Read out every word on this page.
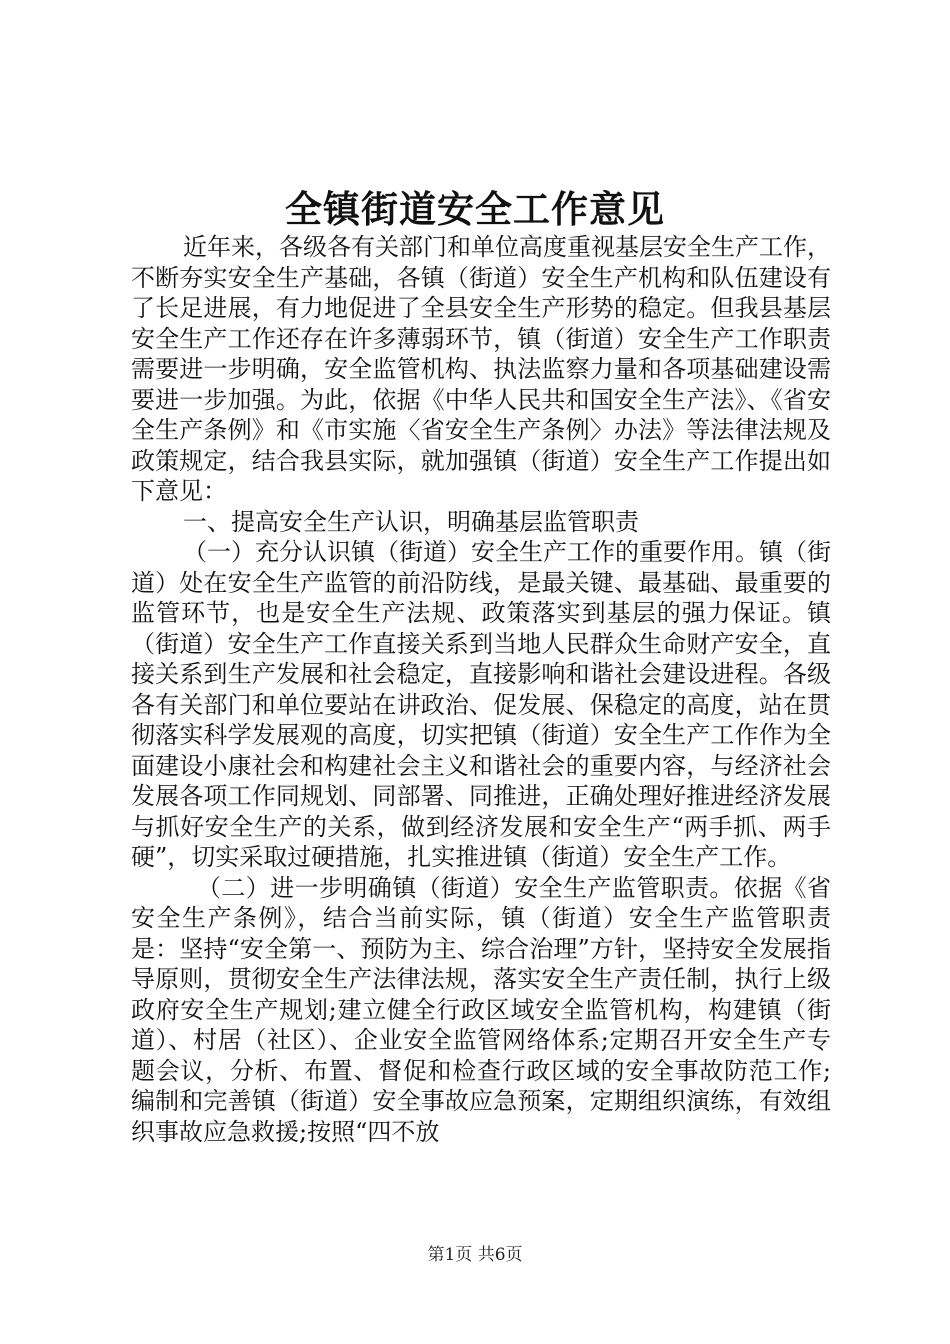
全镇街道安全工作意见

近年来，各级各有关部门和单位高度重视基层安全生产工作，不断夯实安全生产基础，各镇（街道）安全生产机构和队伍建设有了长足进展，有力地促进了全县安全生产形势的稳定。但我县基层安全生产工作还存在许多薄弱环节，镇（街道）安全生产工作职责需要进一步明确，安全监管机构、执法监察力量和各项基础建设需要进一步加强。为此，依据《中华人民共和国安全生产法》、《省安全生产条例》和《市实施〈省安全生产条例〉办法》等法律法规及政策规定，结合我县实际，就加强镇（街道）安全生产工作提出如下意见：

一、提高安全生产认识，明确基层监管职责

（一）充分认识镇（街道）安全生产工作的重要作用。镇（街道）处在安全生产监管的前沿防线，是最关键、最基础、最重要的监管环节，也是安全生产法规、政策落实到基层的强力保证。镇（街道）安全生产工作直接关系到当地人民群众生命财产安全，直接关系到生产发展和社会稳定，直接影响和谐社会建设进程。各级各有关部门和单位要站在讲政治、促发展、保稳定的高度，站在贯彻落实科学发展观的高度，切实把镇（街道）安全生产工作作为全面建设小康社会和构建社会主义和谐社会的重要内容，与经济社会发展各项工作同规划、同部署、同推进，正确处理好推进经济发展与抓好安全生产的关系，做到经济发展和安全生产“两手抓、两手硬”，切实采取过硬措施，扎实推进镇（街道）安全生产工作。

（二）进一步明确镇（街道）安全生产监管职责。依据《省安全生产条例》，结合当前实际，镇（街道）安全生产监管职责是：坚持“安全第一、预防为主、综合治理”方针，坚持安全发展指导原则，贯彻安全生产法律法规，落实安全生产责任制，执行上级政府安全生产规划;建立健全行政区域安全监管机构，构建镇（街道）、村居（社区）、企业安全监管网络体系;定期召开安全生产专题会议，分析、布置、督促和检查行政区域的安全事故防范工作;编制和完善镇（街道）安全事故应急预案，定期组织演练，有效组织事故应急救援;按照“四不放

第1页 共6页
